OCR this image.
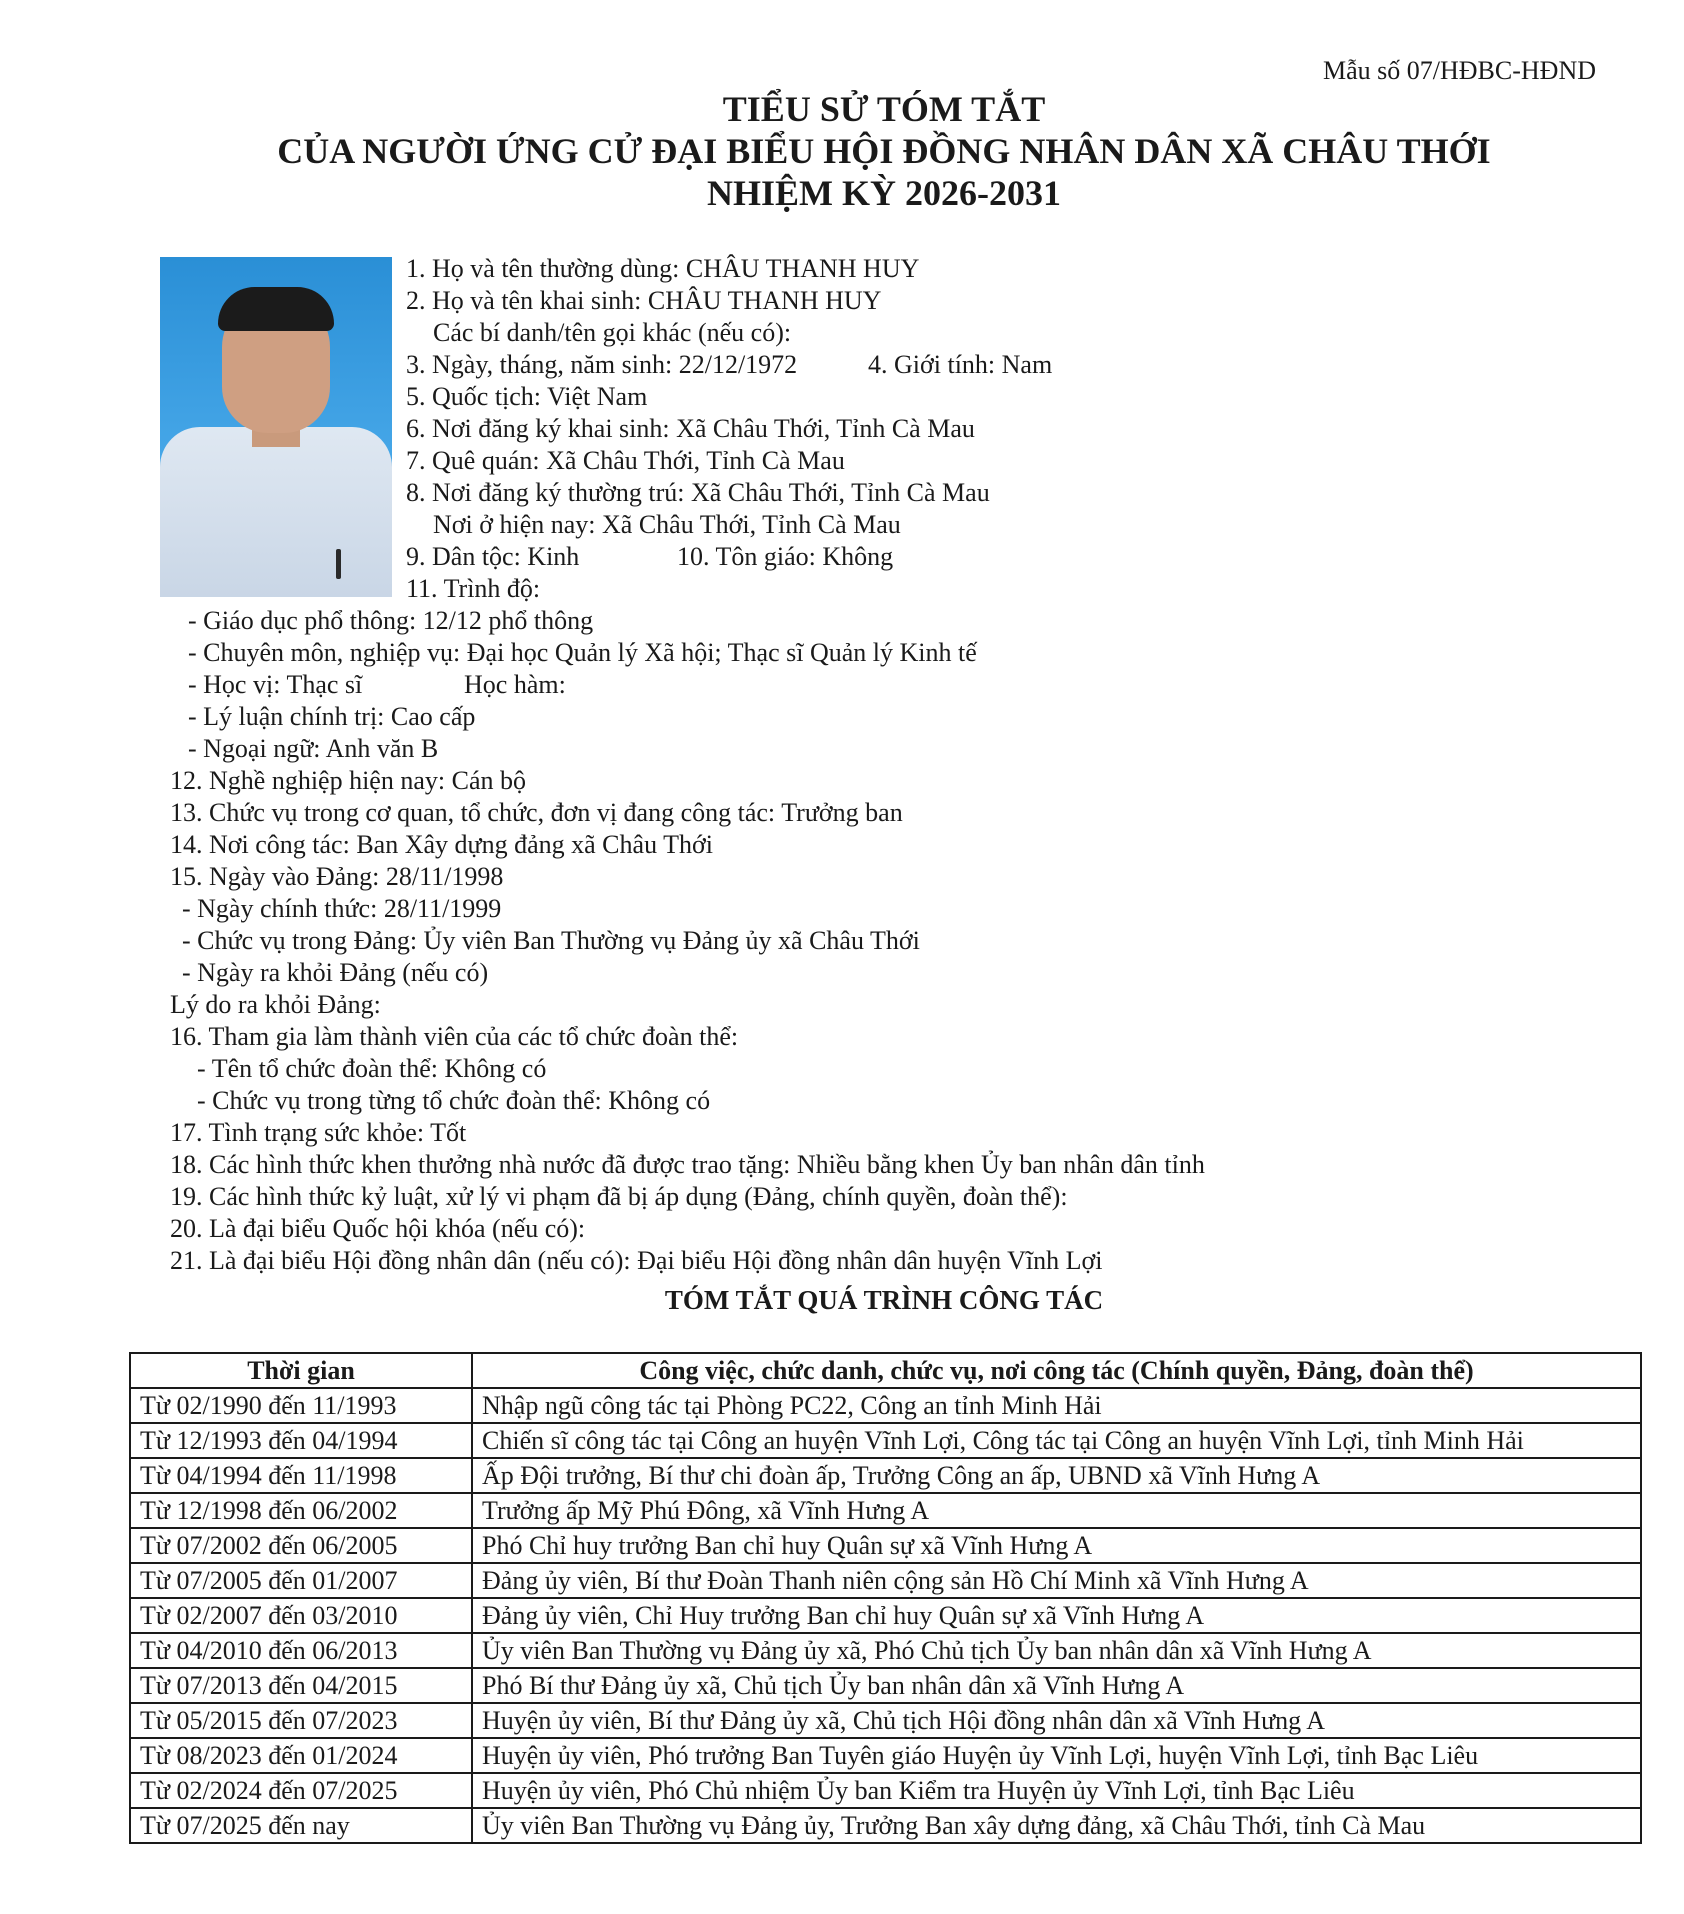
Mẫu số 07/HĐBC-HĐND
TIỂU SỬ TÓM TẮT
CỦA NGƯỜI ỨNG CỬ ĐẠI BIỂU HỘI ĐỒNG NHÂN DÂN XÃ CHÂU THỚI
NHIỆM KỲ 2026-2031
1. Họ và tên thường dùng: CHÂU THANH HUY
2. Họ và tên khai sinh: CHÂU THANH HUY
Các bí danh/tên gọi khác (nếu có):
3. Ngày, tháng, năm sinh: 22/12/1972	4. Giới tính: Nam
5. Quốc tịch: Việt Nam
6. Nơi đăng ký khai sinh: Xã Châu Thới, Tỉnh Cà Mau
7. Quê quán: Xã Châu Thới, Tỉnh Cà Mau
8. Nơi đăng ký thường trú: Xã Châu Thới, Tỉnh Cà Mau
Nơi ở hiện nay: Xã Châu Thới, Tỉnh Cà Mau
9. Dân tộc: Kinh	10. Tôn giáo: Không
11. Trình độ:
- Giáo dục phổ thông: 12/12 phổ thông
- Chuyên môn, nghiệp vụ: Đại học Quản lý Xã hội; Thạc sĩ Quản lý Kinh tế
- Học vị: Thạc sĩ	Học hàm:
- Lý luận chính trị: Cao cấp
- Ngoại ngữ: Anh văn B
12. Nghề nghiệp hiện nay: Cán bộ
13. Chức vụ trong cơ quan, tổ chức, đơn vị đang công tác: Trưởng ban
14. Nơi công tác: Ban Xây dựng đảng xã Châu Thới
15. Ngày vào Đảng: 28/11/1998
- Ngày chính thức: 28/11/1999
- Chức vụ trong Đảng: Ủy viên Ban Thường vụ Đảng ủy xã Châu Thới
- Ngày ra khỏi Đảng (nếu có)
Lý do ra khỏi Đảng:
16. Tham gia làm thành viên của các tổ chức đoàn thể:
- Tên tổ chức đoàn thể: Không có
- Chức vụ trong từng tổ chức đoàn thể: Không có
17. Tình trạng sức khỏe: Tốt
18. Các hình thức khen thưởng nhà nước đã được trao tặng: Nhiều bằng khen Ủy ban nhân dân tỉnh
19. Các hình thức kỷ luật, xử lý vi phạm đã bị áp dụng (Đảng, chính quyền, đoàn thể):
20. Là đại biểu Quốc hội khóa (nếu có):
21. Là đại biểu Hội đồng nhân dân (nếu có): Đại biểu Hội đồng nhân dân huyện Vĩnh Lợi
TÓM TẮT QUÁ TRÌNH CÔNG TÁC
Thời gian	Công việc, chức danh, chức vụ, nơi công tác (Chính quyền, Đảng, đoàn thể)
Từ 02/1990 đến 11/1993	Nhập ngũ công tác tại Phòng PC22, Công an tỉnh Minh Hải
Từ 12/1993 đến 04/1994	Chiến sĩ công tác tại Công an huyện Vĩnh Lợi, Công tác tại Công an huyện Vĩnh Lợi, tỉnh Minh Hải
Từ 04/1994 đến 11/1998	Ấp Đội trưởng, Bí thư chi đoàn ấp, Trưởng Công an ấp, UBND xã Vĩnh Hưng A
Từ 12/1998 đến 06/2002	Trưởng ấp Mỹ Phú Đông, xã Vĩnh Hưng A
Từ 07/2002 đến 06/2005	Phó Chỉ huy trưởng Ban chỉ huy Quân sự xã Vĩnh Hưng A
Từ 07/2005 đến 01/2007	Đảng ủy viên, Bí thư Đoàn Thanh niên cộng sản Hồ Chí Minh xã Vĩnh Hưng A
Từ 02/2007 đến 03/2010	Đảng ủy viên, Chỉ Huy trưởng Ban chỉ huy Quân sự xã Vĩnh Hưng A
Từ 04/2010 đến 06/2013	Ủy viên Ban Thường vụ Đảng ủy xã, Phó Chủ tịch Ủy ban nhân dân xã Vĩnh Hưng A
Từ 07/2013 đến 04/2015	Phó Bí thư Đảng ủy xã, Chủ tịch Ủy ban nhân dân xã Vĩnh Hưng A
Từ 05/2015 đến 07/2023	Huyện ủy viên, Bí thư Đảng ủy xã, Chủ tịch Hội đồng nhân dân xã Vĩnh Hưng A
Từ 08/2023 đến 01/2024	Huyện ủy viên, Phó trưởng Ban Tuyên giáo Huyện ủy Vĩnh Lợi, huyện Vĩnh Lợi, tỉnh Bạc Liêu
Từ 02/2024 đến 07/2025	Huyện ủy viên, Phó Chủ nhiệm Ủy ban Kiểm tra Huyện ủy Vĩnh Lợi, tỉnh Bạc Liêu
Từ 07/2025 đến nay	Ủy viên Ban Thường vụ Đảng ủy, Trưởng Ban xây dựng đảng, xã Châu Thới, tỉnh Cà Mau
